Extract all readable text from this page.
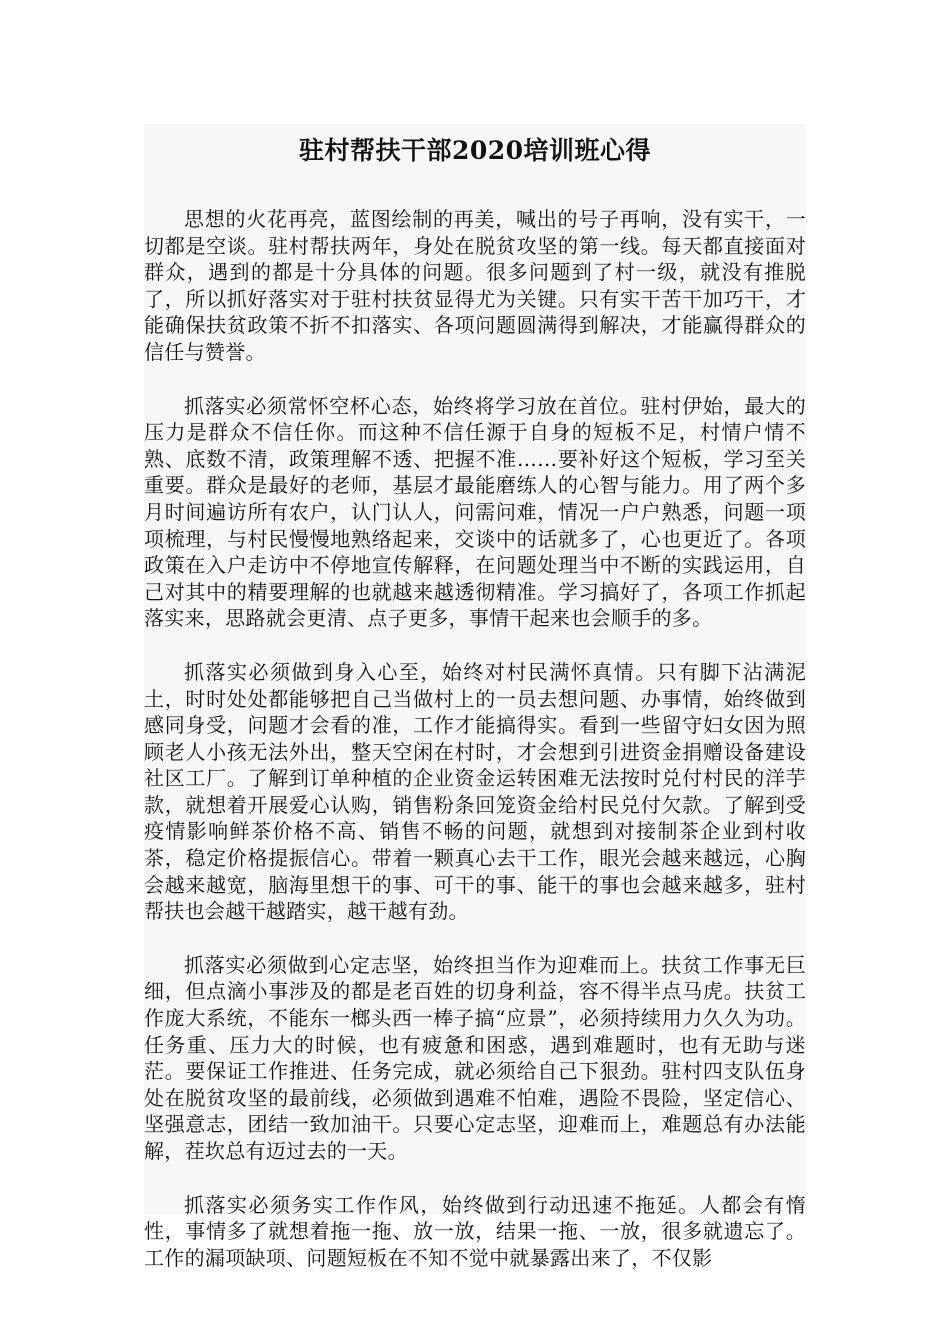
驻村帮扶干部2020培训班心得

思想的火花再亮，蓝图绘制的再美，喊出的号子再响，没有实干，一切都是空谈。驻村帮扶两年，身处在脱贫攻坚的第一线。每天都直接面对群众，遇到的都是十分具体的问题。很多问题到了村一级，就没有推脱了，所以抓好落实对于驻村扶贫显得尤为关键。只有实干苦干加巧干，才能确保扶贫政策不折不扣落实、各项问题圆满得到解决，才能赢得群众的信任与赞誉。

抓落实必须常怀空杯心态，始终将学习放在首位。驻村伊始，最大的压力是群众不信任你。而这种不信任源于自身的短板不足，村情户情不熟、底数不清，政策理解不透、把握不准……要补好这个短板，学习至关重要。群众是最好的老师，基层才最能磨练人的心智与能力。用了两个多月时间遍访所有农户，认门认人，问需问难，情况一户户熟悉，问题一项项梳理，与村民慢慢地熟络起来，交谈中的话就多了，心也更近了。各项政策在入户走访中不停地宣传解释，在问题处理当中不断的实践运用，自己对其中的精要理解的也就越来越透彻精准。学习搞好了，各项工作抓起落实来，思路就会更清、点子更多，事情干起来也会顺手的多。

抓落实必须做到身入心至，始终对村民满怀真情。只有脚下沾满泥土，时时处处都能够把自己当做村上的一员去想问题、办事情，始终做到感同身受，问题才会看的准，工作才能搞得实。看到一些留守妇女因为照顾老人小孩无法外出，整天空闲在村时，才会想到引进资金捐赠设备建设社区工厂。了解到订单种植的企业资金运转困难无法按时兑付村民的洋芋款，就想着开展爱心认购，销售粉条回笼资金给村民兑付欠款。了解到受疫情影响鲜茶价格不高、销售不畅的问题，就想到对接制茶企业到村收茶，稳定价格提振信心。带着一颗真心去干工作，眼光会越来越远，心胸会越来越宽，脑海里想干的事、可干的事、能干的事也会越来越多，驻村帮扶也会越干越踏实，越干越有劲。

抓落实必须做到心定志坚，始终担当作为迎难而上。扶贫工作事无巨细，但点滴小事涉及的都是老百姓的切身利益，容不得半点马虎。扶贫工作庞大系统，不能东一榔头西一棒子搞“应景”，必须持续用力久久为功。任务重、压力大的时候，也有疲惫和困惑，遇到难题时，也有无助与迷茫。要保证工作推进、任务完成，就必须给自己下狠劲。驻村四支队伍身处在脱贫攻坚的最前线，必须做到遇难不怕难，遇险不畏险，坚定信心、坚强意志，团结一致加油干。只要心定志坚，迎难而上，难题总有办法能解，茬坎总有迈过去的一天。

抓落实必须务实工作作风，始终做到行动迅速不拖延。人都会有惰性，事情多了就想着拖一拖、放一放，结果一拖、一放，很多就遗忘了。工作的漏项缺项、问题短板在不知不觉中就暴露出来了，不仅影
